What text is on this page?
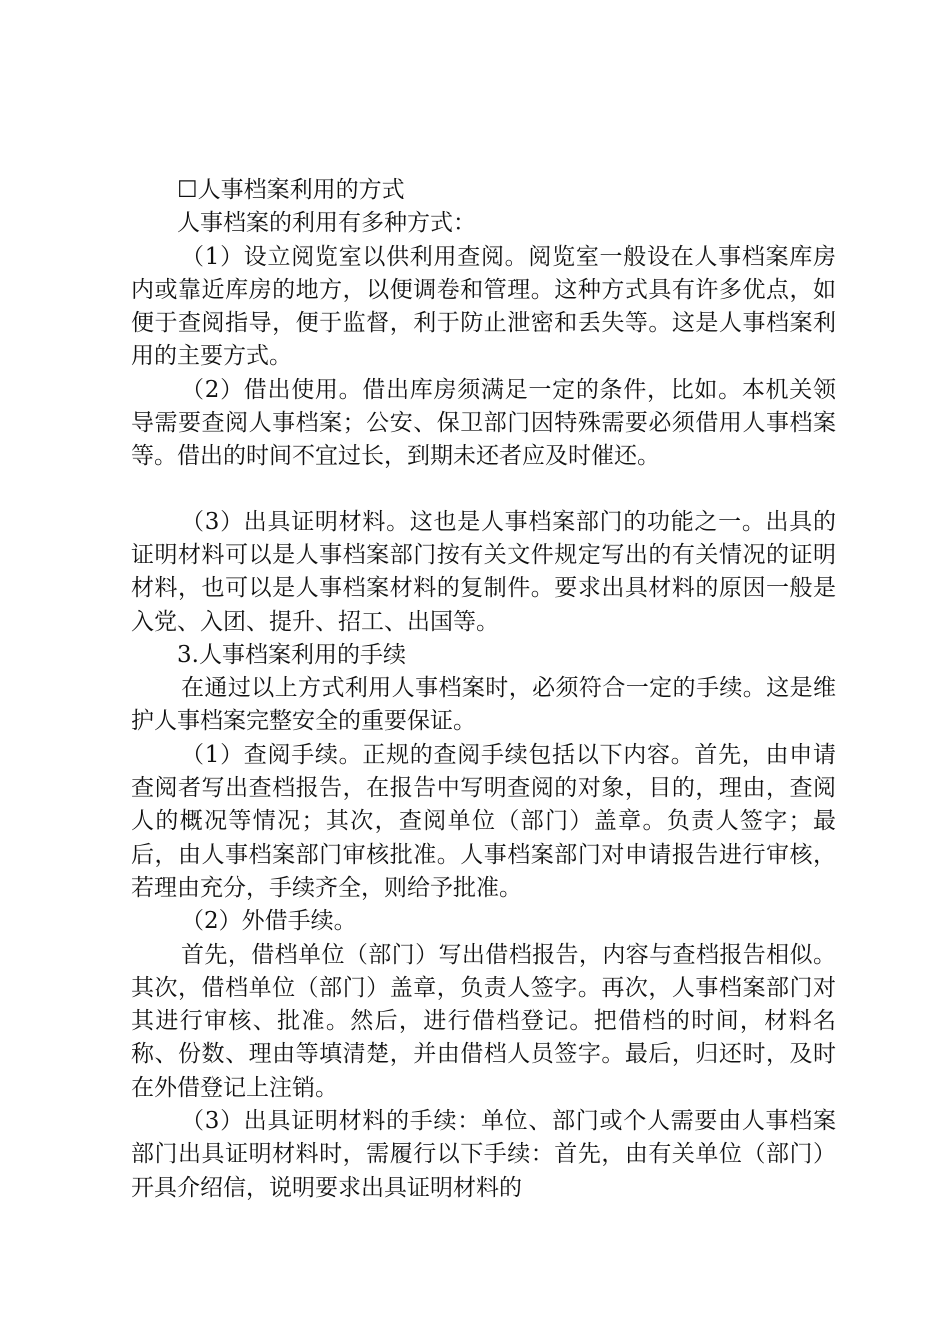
☐人事档案利用的方式

人事档案的利用有多种方式：

（1）设立阅览室以供利用查阅。阅览室一般设在人事档案库房内或靠近库房的地方，以便调卷和管理。这种方式具有许多优点，如便于查阅指导，便于监督，利于防止泄密和丢失等。这是人事档案利用的主要方式。

（2）借出使用。借出库房须满足一定的条件，比如。本机关领导需要查阅人事档案；公安、保卫部门因特殊需要必须借用人事档案等。借出的时间不宜过长，到期未还者应及时催还。

（3）出具证明材料。这也是人事档案部门的功能之一。出具的证明材料可以是人事档案部门按有关文件规定写出的有关情况的证明材料，也可以是人事档案材料的复制件。要求出具材料的原因一般是入党、入团、提升、招工、出国等。

3.人事档案利用的手续

在通过以上方式利用人事档案时，必须符合一定的手续。这是维护人事档案完整安全的重要保证。

（1）查阅手续。正规的查阅手续包括以下内容。首先，由申请查阅者写出查档报告，在报告中写明查阅的对象，目的，理由，查阅人的概况等情况；其次，查阅单位（部门）盖章。负责人签字；最后，由人事档案部门审核批准。人事档案部门对申请报告进行审核，若理由充分，手续齐全，则给予批准。

（2）外借手续。

首先，借档单位（部门）写出借档报告，内容与查档报告相似。其次，借档单位（部门）盖章，负责人签字。再次，人事档案部门对其进行审核、批准。然后，进行借档登记。把借档的时间，材料名称、份数、理由等填清楚，并由借档人员签字。最后，归还时，及时在外借登记上注销。

（3）出具证明材料的手续：单位、部门或个人需要由人事档案部门出具证明材料时，需履行以下手续：首先，由有关单位（部门）开具介绍信，说明要求出具证明材料的
